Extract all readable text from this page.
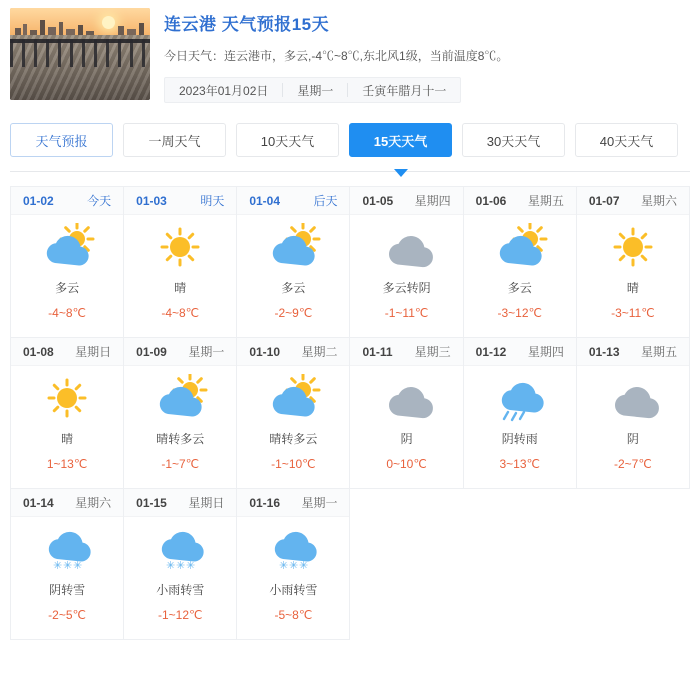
连云港 天气预报15天
今日天气：连云港市，多云,-4℃~8℃,东北风1级，当前温度8℃。
2023年01月02日	星期一	壬寅年腊月十一
天气预报	一周天气	10天天气	15天天气	30天天气	40天天气
01-02	今天
多云
-4~8℃
01-03	明天
晴
-4~8℃
01-04	后天
多云
-2~9℃
01-05 星期四
多云转阴
-1~11℃
01-06 星期五
多云
-3~12℃
01-07 星期六
晴
-3~11℃
01-08 星期日
晴
1~13℃
01-09 星期一
晴转多云
-1~7℃
01-10 星期二
晴转多云
-1~10℃
01-11 星期三
阴
0~10℃
01-12 星期四
阴转雨
3~13℃
01-13 星期五
阴
-2~7℃
01-14 星期六
✳ ✳ ✳
阴转雪
-2~5℃
01-15 星期日
✳ ✳ ✳
小雨转雪
-1~12℃
01-16 星期一
✳ ✳ ✳
小雨转雪
-5~8℃
